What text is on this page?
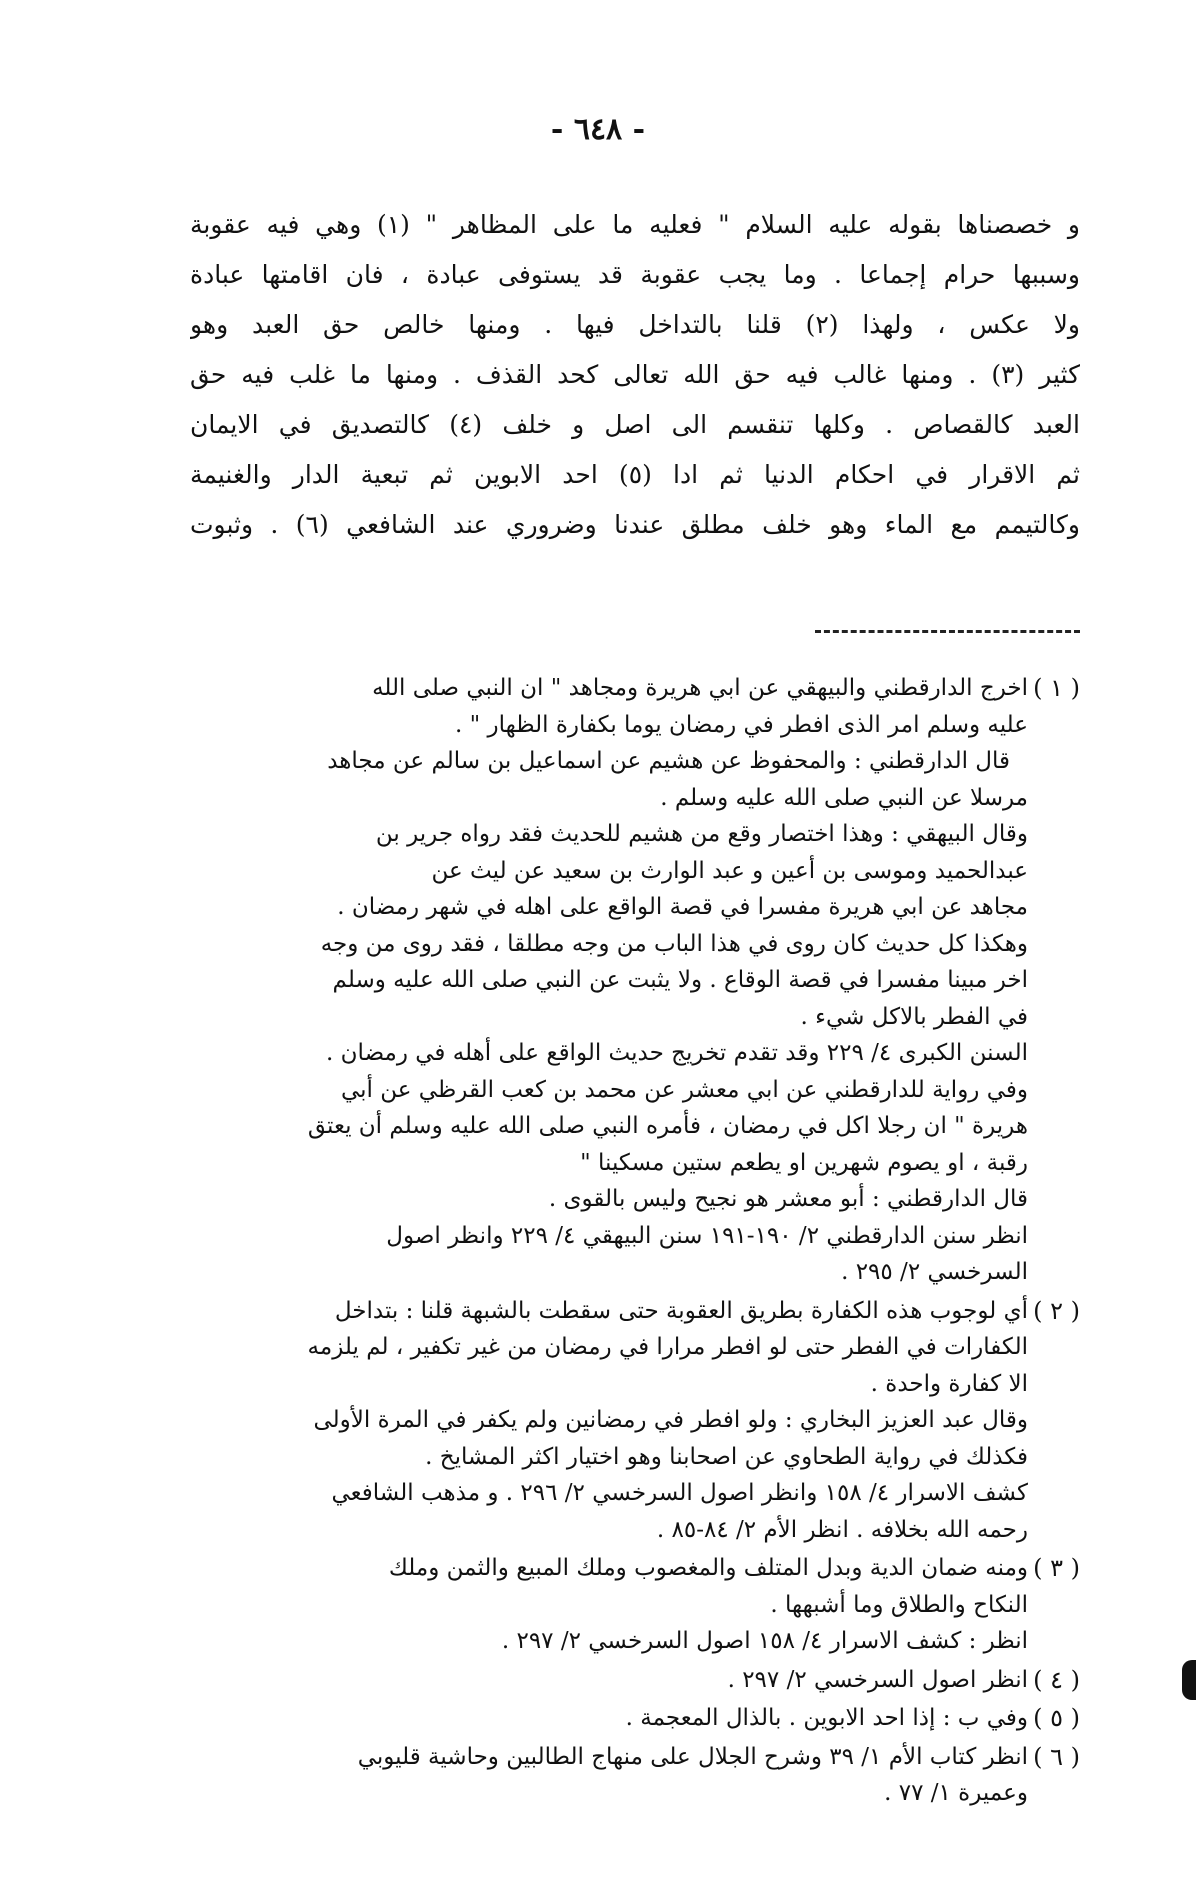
- ٦٤٨ -
و خصصناها بقوله عليه السلام " فعليه ما على المظاهر " (١) وهي فيه عقوبة
وسببها حرام إجماعا . وما يجب عقوبة قد يستوفى عبادة ، فان اقامتها عبادة
ولا عكس ، ولهذا (٢) قلنا بالتداخل فيها . ومنها خالص حق العبد وهو
كثير (٣) . ومنها غالب فيه حق الله تعالى كحد القذف . ومنها ما غلب فيه حق
العبد كالقصاص . وكلها تنقسم الى اصل و خلف (٤) كالتصديق في الايمان
ثم الاقرار في احكام الدنيا ثم ادا (٥) احد الابوين ثم تبعية الدار والغنيمة
وكالتيمم مع الماء وهو خلف مطلق عندنا وضروري عند الشافعي (٦) . وثبوت
( ١ )
اخرج الدارقطني والبيهقي عن ابي هريرة ومجاهد " ان النبي صلى الله
عليه وسلم امر الذى افطر في رمضان يوما بكفارة الظهار " .
قال الدارقطني : والمحفوظ عن هشيم عن اسماعيل بن سالم عن مجاهد
مرسلا عن النبي صلى الله عليه وسلم .
وقال البيهقي : وهذا اختصار وقع من هشيم للحديث فقد رواه جرير بن
عبدالحميد وموسى بن أعين و عبد الوارث بن سعيد عن ليث عن
مجاهد عن ابي هريرة مفسرا في قصة الواقع على اهله في شهر رمضان .
وهكذا كل حديث كان روى في هذا الباب من وجه مطلقا ، فقد روى من وجه
اخر مبينا مفسرا في قصة الوقاع . ولا يثبت عن النبي صلى الله عليه وسلم
في الفطر بالاكل شيء .
السنن الكبرى ٤/ ٢٢٩ وقد تقدم تخريج حديث الواقع على أهله في رمضان .
وفي رواية للدارقطني عن ابي معشر عن محمد بن كعب القرظي عن أبي
هريرة " ان رجلا اكل في رمضان ، فأمره النبي صلى الله عليه وسلم أن يعتق
رقبة ، او يصوم شهرين او يطعم ستين مسكينا "
قال الدارقطني : أبو معشر هو نجيح وليس بالقوى .
انظر سنن الدارقطني ٢/ ١٩٠-١٩١ سنن البيهقي ٤/ ٢٢٩ وانظر اصول
السرخسي ٢/ ٢٩٥ .
( ٢ )
أي لوجوب هذه الكفارة بطريق العقوبة حتى سقطت بالشبهة قلنا : بتداخل
الكفارات في الفطر حتى لو افطر مرارا في رمضان من غير تكفير ، لم يلزمه
الا كفارة واحدة .
وقال عبد العزيز البخاري : ولو افطر في رمضانين ولم يكفر في المرة الأولى
فكذلك في رواية الطحاوي عن اصحابنا وهو اختيار اكثر المشايخ .
كشف الاسرار ٤/ ١٥٨ وانظر اصول السرخسي ٢/ ٢٩٦ . و مذهب الشافعي
رحمه الله بخلافه . انظر الأم ٢/ ٨٤-٨٥ .
( ٣ )
ومنه ضمان الدية وبدل المتلف والمغصوب وملك المبيع والثمن وملك
النكاح والطلاق وما أشبهها .
انظر : كشف الاسرار ٤/ ١٥٨ اصول السرخسي ٢/ ٢٩٧ .
( ٤ )
انظر اصول السرخسي ٢/ ٢٩٧ .
( ٥ )
وفي ب : إذا احد الابوين . بالذال المعجمة .
( ٦ )
انظر كتاب الأم ١/ ٣٩ وشرح الجلال على منهاج الطالبين وحاشية قليوبي
وعميرة ١/ ٧٧ .
